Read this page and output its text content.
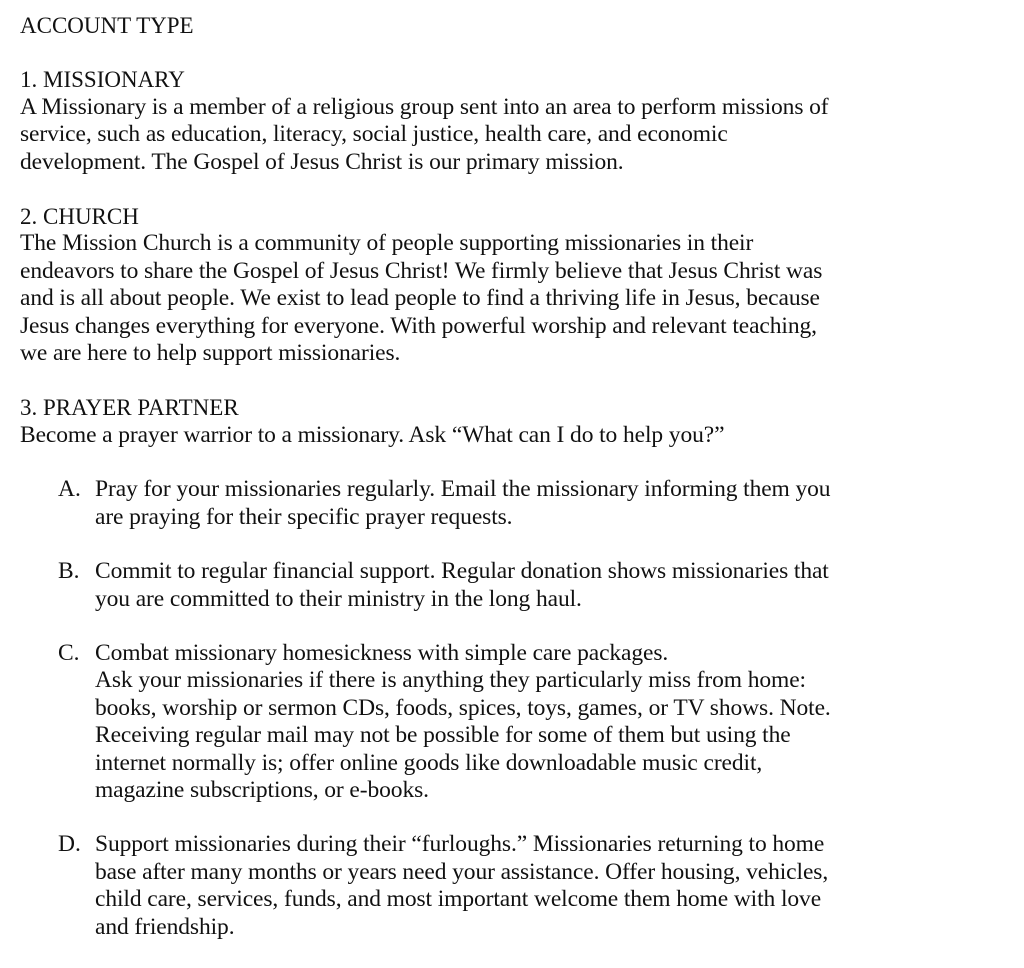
ACCOUNT TYPE
1. MISSIONARY
A Missionary is a member of a religious group sent into an area to perform missions of
service, such as education, literacy, social justice, health care, and economic
development. The Gospel of Jesus Christ is our primary mission.
2. CHURCH
The Mission Church is a community of people supporting missionaries in their
endeavors to share the Gospel of Jesus Christ! We firmly believe that Jesus Christ was
and is all about people. We exist to lead people to find a thriving life in Jesus, because
Jesus changes everything for everyone. With powerful worship and relevant teaching,
we are here to help support missionaries.
3. PRAYER PARTNER
Become a prayer warrior to a missionary. Ask “What can I do to help you?”
A. Pray for your missionaries regularly. Email the missionary informing them you
are praying for their specific prayer requests.
B. Commit to regular financial support. Regular donation shows missionaries that
you are committed to their ministry in the long haul.
C. Combat missionary homesickness with simple care packages.
Ask your missionaries if there is anything they particularly miss from home:
books, worship or sermon CDs, foods, spices, toys, games, or TV shows. Note.
Receiving regular mail may not be possible for some of them but using the
internet normally is; offer online goods like downloadable music credit,
magazine subscriptions, or e-books.
D. Support missionaries during their “furloughs.” Missionaries returning to home
base after many months or years need your assistance. Offer housing, vehicles,
child care, services, funds, and most important welcome them home with love
and friendship.
